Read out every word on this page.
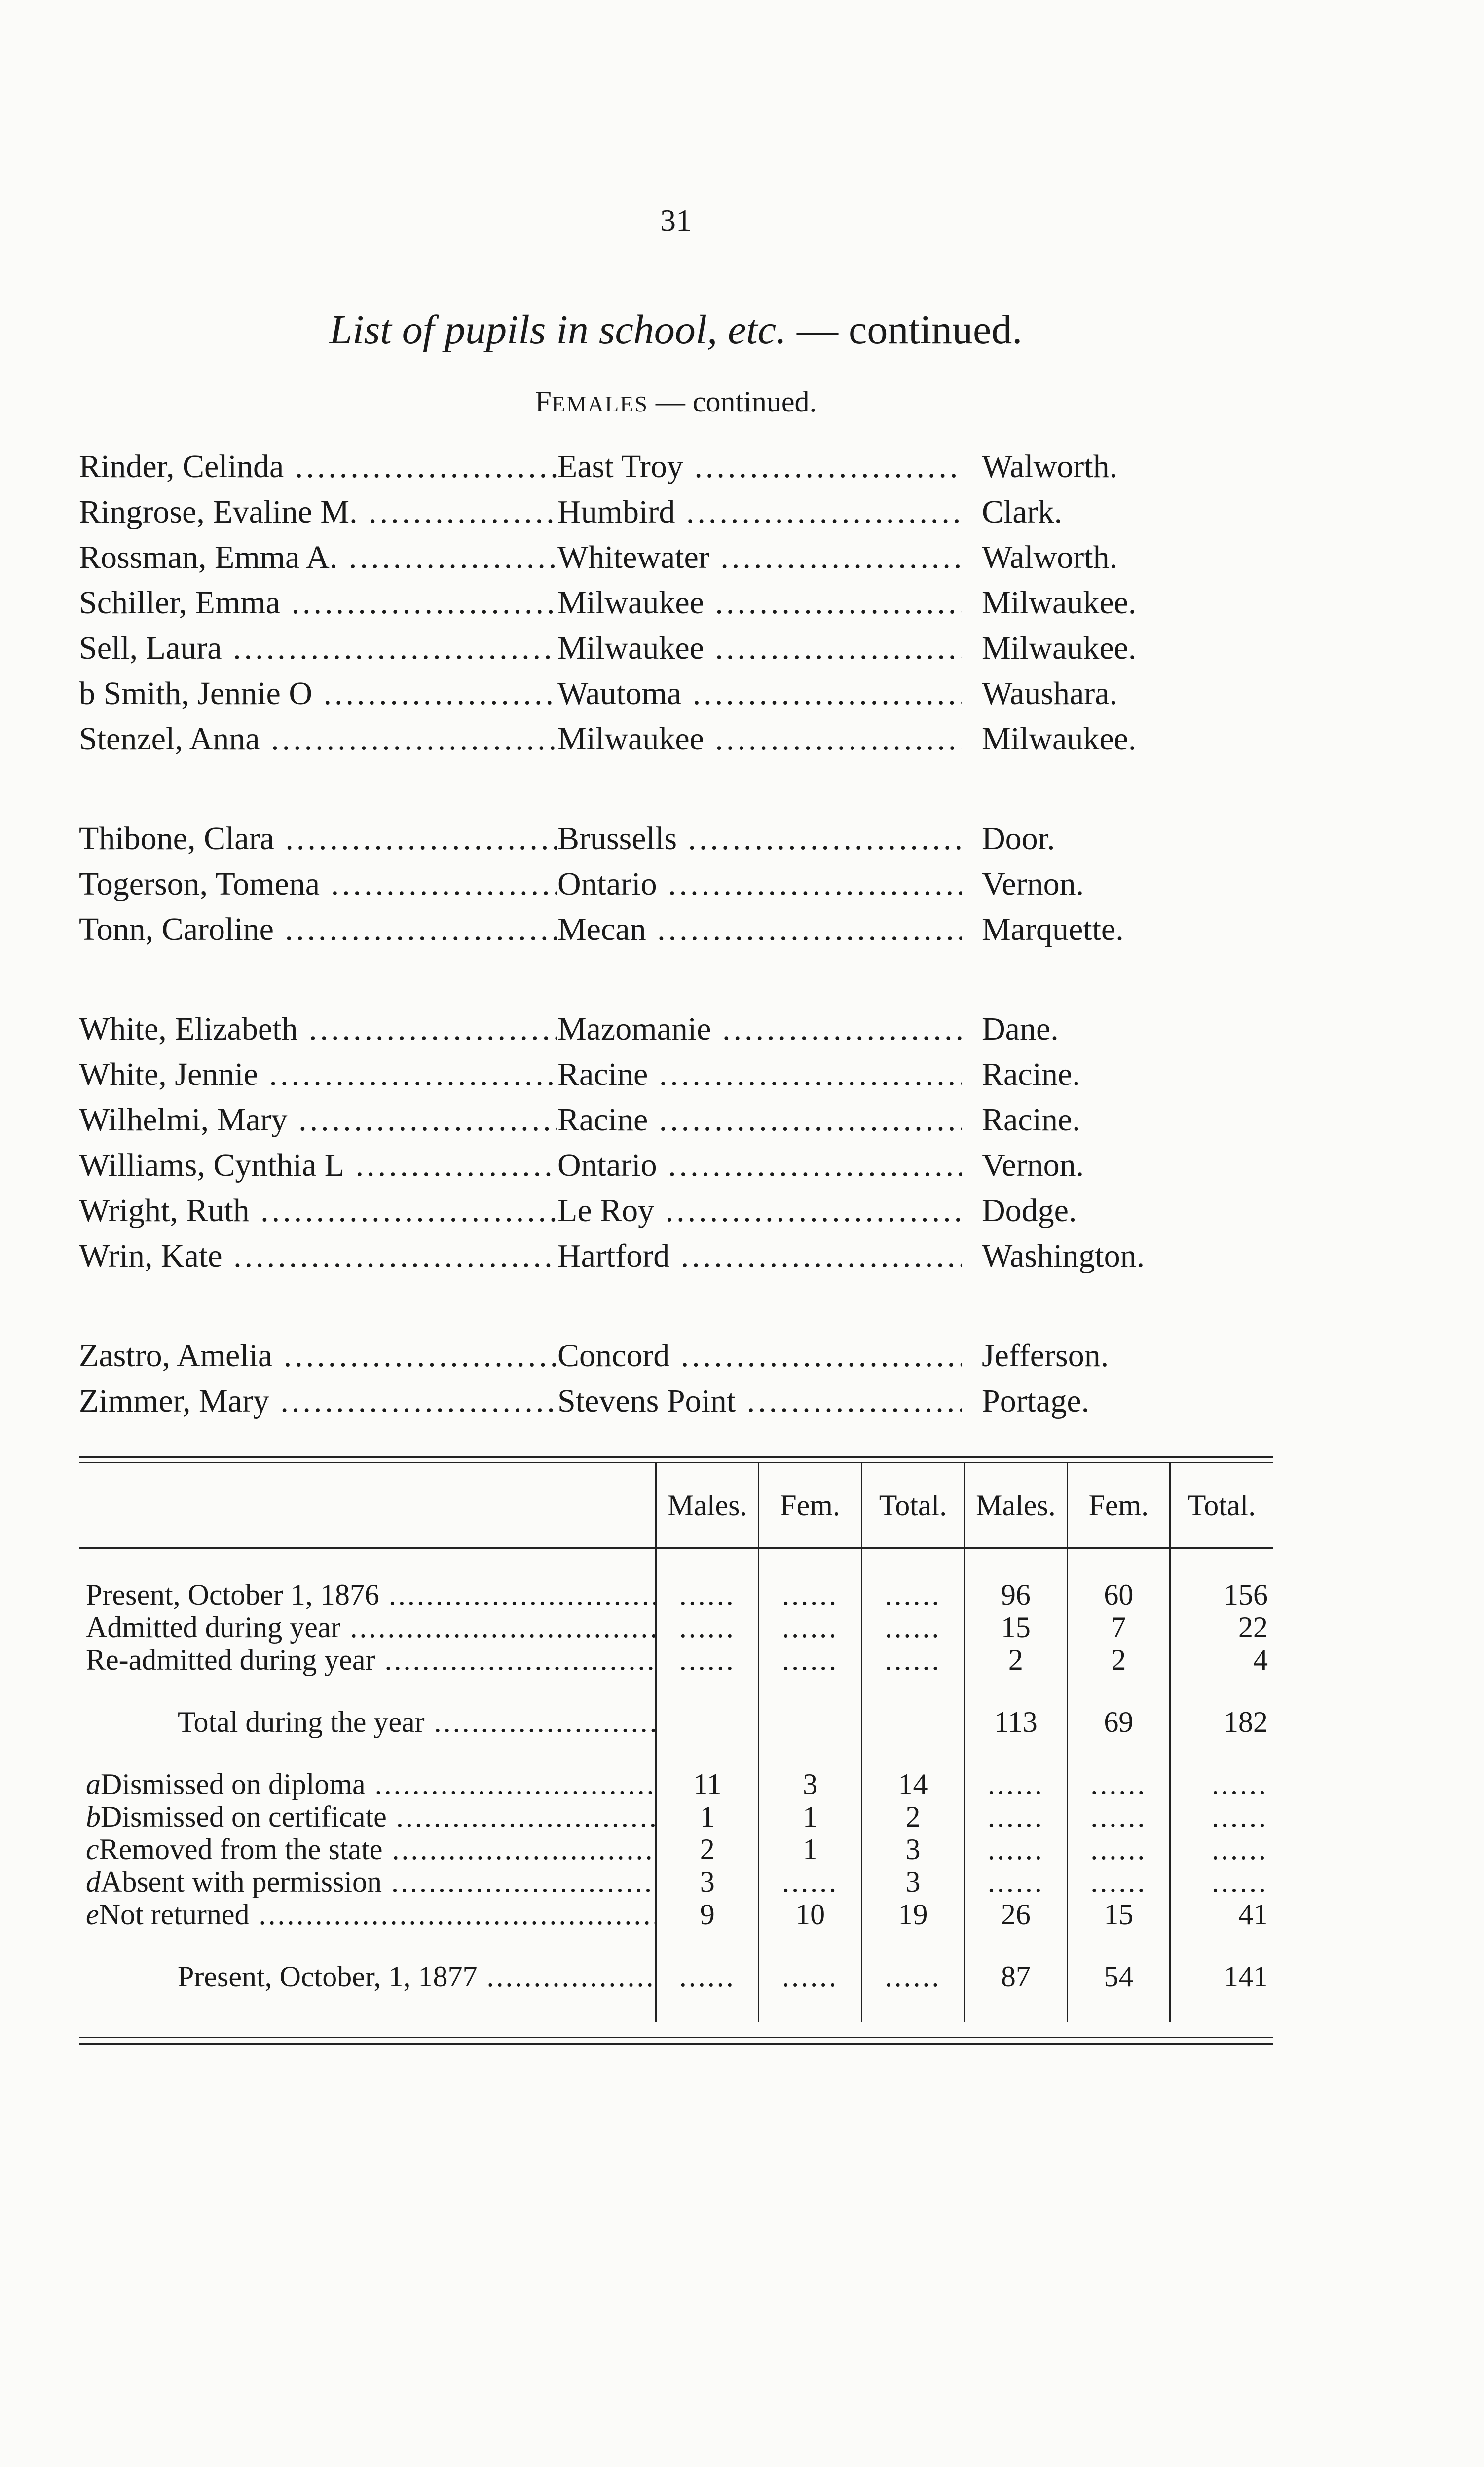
31
List of pupils in school, etc. — continued.
FEMALES — continued.
Rinder, Celinda .....	East Troy .....	Walworth.
Ringrose, Evaline M. .....	Humbird .....	Clark.
Rossman, Emma A. .....	Whitewater .....	Walworth.
Schiller, Emma .....	Milwaukee .....	Milwaukee.
Sell, Laura .....	Milwaukee .....	Milwaukee.
b Smith, Jennie O .....	Wautoma .....	Waushara.
Stenzel, Anna .....	Milwaukee .....	Milwaukee.
Thibone, Clara .....	Brussells .....	Door.
Togerson, Tomena .....	Ontario .....	Vernon.
Tonn, Caroline .....	Mecan .....	Marquette.
White, Elizabeth .....	Mazomanie .....	Dane.
White, Jennie .....	Racine .....	Racine.
Wilhelmi, Mary .....	Racine .....	Racine.
Williams, Cynthia L .....	Ontario .....	Vernon.
Wright, Ruth .....	Le Roy .....	Dodge.
Wrin, Kate .....	Hartford .....	Washington.
Zastro, Amelia .....	Concord .....	Jefferson.
Zimmer, Mary .....	Stevens Point .....	Portage.
	Males.	Fem.	Total.	Males.	Fem.	Total.

Present, October 1, 1876 .....	......	......	......	96	60	156
Admitted during year .....	......	......	......	15	7	22
Re-admitted during year .....	......	......	......	2	2	4

Total during the year .....				113	69	182

aDismissed on diploma .....	11	3	14	......	......	......
bDismissed on certificate .....	1	1	2	......	......	......
cRemoved from the state .....	2	1	3	......	......	......
dAbsent with permission .....	3	......	3	......	......	......
eNot returned .....	9	10	19	26	15	41

Present, October, 1, 1877 .....	......	......	......	87	54	141
